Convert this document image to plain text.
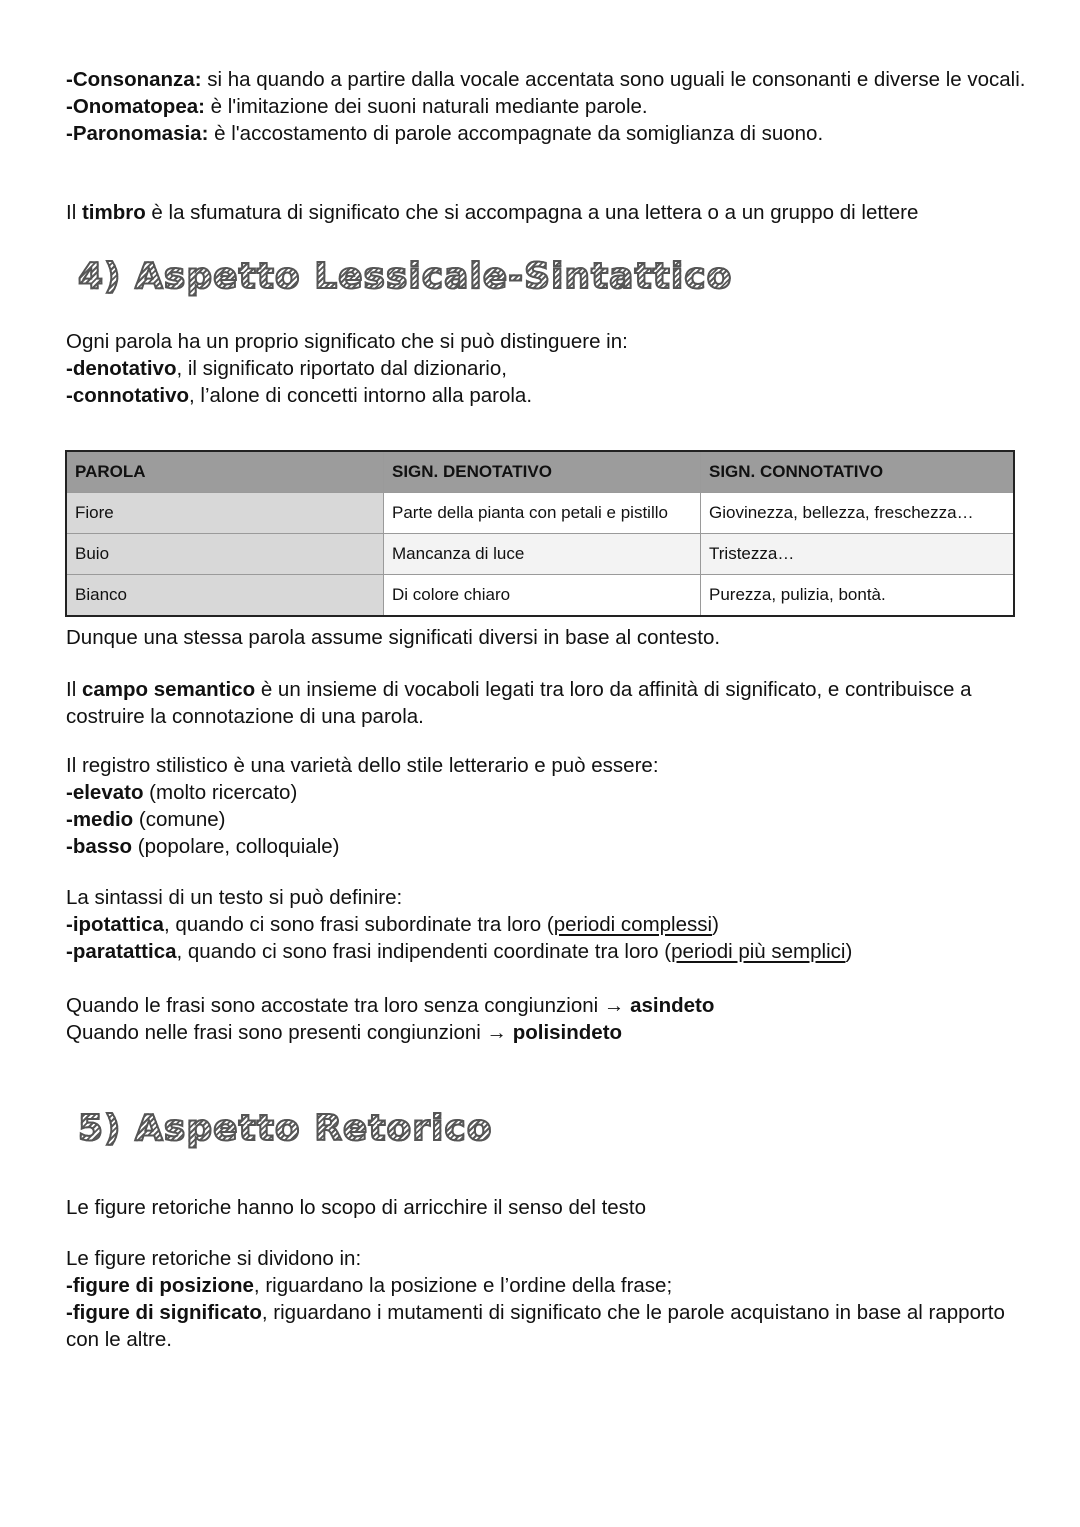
-Consonanza: si ha quando a partire dalla vocale accentata sono uguali le consonanti e diverse le vocali.

-Onomatopea: è l'imitazione dei suoni naturali mediante parole.

-Paronomasia: è l'accostamento di parole accompagnate da somiglianza di suono.

Il timbro è la sfumatura di significato che si accompagna a una lettera o a un gruppo di lettere

4) Aspetto Lessicale-Sintattico

Ogni parola ha un proprio significato che si può distinguere in:

-denotativo, il significato riportato dal dizionario,

-connotativo, l’alone di concetti intorno alla parola.

PAROLA	SIGN. DENOTATIVO	SIGN. CONNOTATIVO
Fiore	Parte della pianta con petali e pistillo	Giovinezza, bellezza, freschezza…
Buio	Mancanza di luce	Tristezza…
Bianco	Di colore chiaro	Purezza, pulizia, bontà.

Dunque una stessa parola assume significati diversi in base al contesto.

Il campo semantico è un insieme di vocaboli legati tra loro da affinità di significato, e contribuisce a costruire la connotazione di una parola.

Il registro stilistico è una varietà dello stile letterario e può essere:

-elevato (molto ricercato)

-medio (comune)

-basso (popolare, colloquiale)

La sintassi di un testo si può definire:

-ipotattica, quando ci sono frasi subordinate tra loro (periodi complessi)

-paratattica, quando ci sono frasi indipendenti coordinate tra loro (periodi più semplici)

Quando le frasi sono accostate tra loro senza congiunzioni → asindeto

Quando nelle frasi sono presenti congiunzioni → polisindeto

5) Aspetto Retorico

Le figure retoriche hanno lo scopo di arricchire il senso del testo

Le figure retoriche si dividono in:

-figure di posizione, riguardano la posizione e l’ordine della frase;

-figure di significato, riguardano i mutamenti di significato che le parole acquistano in base al rapporto con le altre.
